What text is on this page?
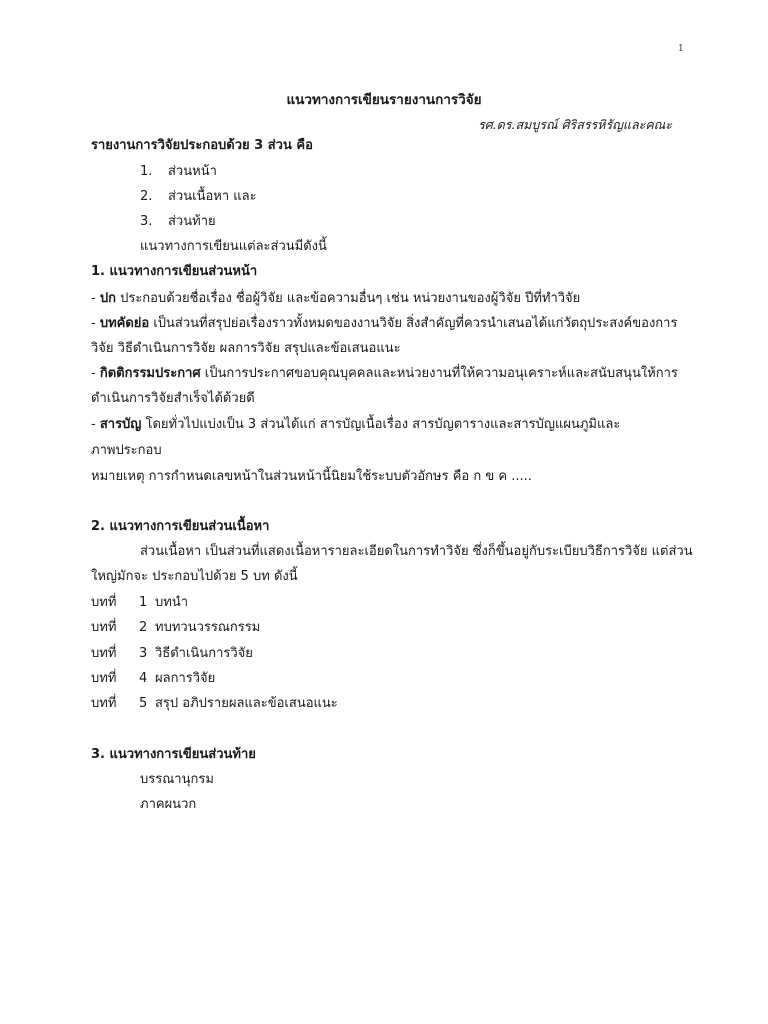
1
แนวทางการเขียนรายงานการวิจัย
รศ.ดร.สมบูรณ์ ศิริสรรหิรัญและคณะ
รายงานการวิจัยประกอบด้วย 3 ส่วน คือ
1. ส่วนหน้า
2. ส่วนเนื้อหา และ
3. ส่วนท้าย
แนวทางการเขียนแต่ละส่วนมีดังนี้
1. แนวทางการเขียนส่วนหน้า
- ปก ประกอบด้วยชื่อเรื่อง ชื่อผู้วิจัย และข้อความอื่นๆ เช่น หน่วยงานของผู้วิจัย ปีที่ทำวิจัย
- บทคัดย่อ เป็นส่วนที่สรุปย่อเรื่องราวทั้งหมดของงานวิจัย สิ่งสำคัญที่ควรนำเสนอได้แก่วัตถุประสงค์ของการ
วิจัย วิธีดำเนินการวิจัย ผลการวิจัย สรุปและข้อเสนอแนะ
- กิตติกรรมประกาศ เป็นการประกาศขอบคุณบุคคลและหน่วยงานที่ให้ความอนุเคราะห์และสนับสนุนให้การ
ดำเนินการวิจัยสำเร็จได้ด้วยดี
- สารบัญ โดยทั่วไปแบ่งเป็น 3 ส่วนได้แก่ สารบัญเนื้อเรื่อง สารบัญตารางและสารบัญแผนภูมิและ
ภาพประกอบ
หมายเหตุ การกำหนดเลขหน้าในส่วนหน้านี้นิยมใช้ระบบตัวอักษร คือ ก ข ค .....
2. แนวทางการเขียนส่วนเนื้อหา
ส่วนเนื้อหา เป็นส่วนที่แสดงเนื้อหารายละเอียดในการทำวิจัย ซึ่งก็ขึ้นอยู่กับระเบียบวิธีการวิจัย แต่ส่วน
ใหญ่มักจะ ประกอบไปด้วย 5 บท ดังนี้
บทที่ 1 บทนำ
บทที่ 2 ทบทวนวรรณกรรม
บทที่ 3 วิธีดำเนินการวิจัย
บทที่ 4 ผลการวิจัย
บทที่ 5 สรุป อภิปรายผลและข้อเสนอแนะ
3. แนวทางการเขียนส่วนท้าย
บรรณานุกรม
ภาคผนวก
